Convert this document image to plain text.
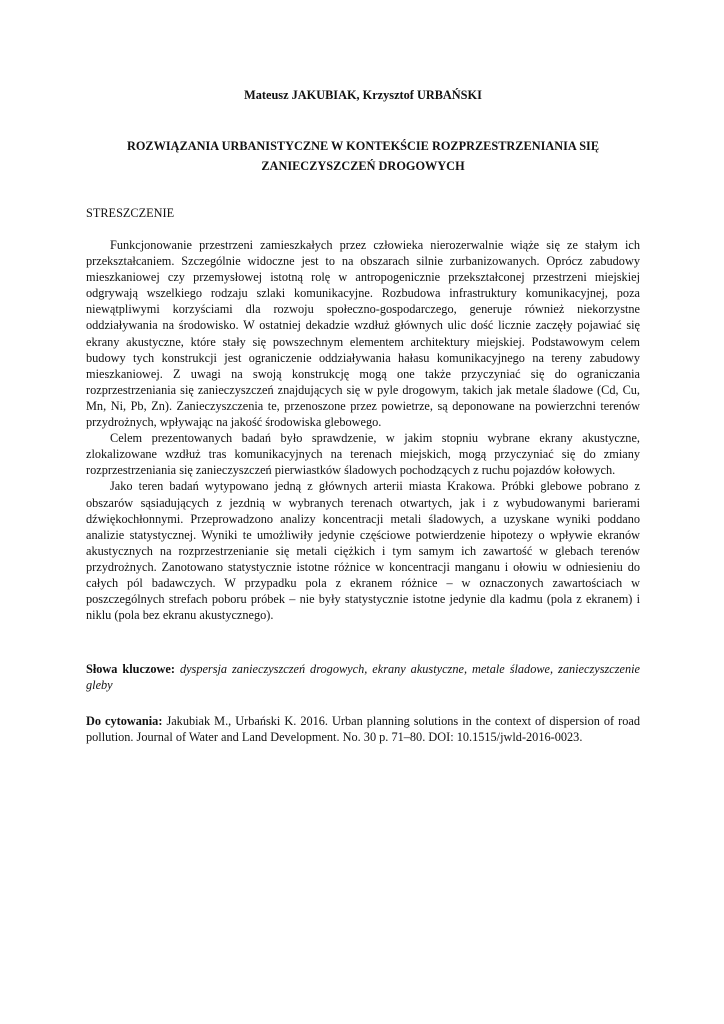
Mateusz JAKUBIAK, Krzysztof URBAŃSKI

ROZWIĄZANIA URBANISTYCZNE W KONTEKŚCIE ROZPRZESTRZENIANIA SIĘ
ZANIECZYSZCZEŃ DROGOWYCH
STRESZCZENIE

Funkcjonowanie przestrzeni zamieszkałych przez człowieka nierozerwalnie wiąże się ze stałym ich przekształcaniem. Szczególnie widoczne jest to na obszarach silnie zurbanizowanych. Oprócz zabudowy mieszkaniowej czy przemysłowej istotną rolę w antropogenicznie przekształconej przestrzeni miejskiej odgrywają wszelkiego rodzaju szlaki komunikacyjne. Rozbudowa infrastruktury komunikacyjnej, poza niewątpliwymi korzyściami dla rozwoju społeczno-gospodarczego, generuje również niekorzystne oddziaływania na środowisko. W ostatniej dekadzie wzdłuż głównych ulic dość licznie zaczęły pojawiać się ekrany akustyczne, które stały się powszechnym elementem architektury miejskiej. Podstawowym celem budowy tych konstrukcji jest ograniczenie oddziaływania hałasu komunikacyjnego na tereny zabudowy mieszkaniowej. Z uwagi na swoją konstrukcję mogą one także przyczyniać się do ograniczania rozprzestrzeniania się zanieczyszczeń znajdujących się w pyle drogowym, takich jak metale śladowe (Cd, Cu, Mn, Ni, Pb, Zn). Zanieczyszczenia te, przenoszone przez powietrze, są deponowane na powierzchni terenów przydrożnych, wpływając na jakość środowiska glebowego.

Celem prezentowanych badań było sprawdzenie, w jakim stopniu wybrane ekrany akustyczne, zlokalizowane wzdłuż tras komunikacyjnych na terenach miejskich, mogą przyczyniać się do zmiany rozprzestrzeniania się zanieczyszczeń pierwiastków śladowych pochodzących z ruchu pojazdów kołowych.

Jako teren badań wytypowano jedną z głównych arterii miasta Krakowa. Próbki glebowe pobrano z obszarów sąsiadujących z jezdnią w wybranych terenach otwartych, jak i z wybudowanymi barierami dźwiękochłonnymi. Przeprowadzono analizy koncentracji metali śladowych, a uzyskane wyniki poddano analizie statystycznej. Wyniki te umożliwiły jedynie częściowe potwierdzenie hipotezy o wpływie ekranów akustycznych na rozprzestrzenianie się metali ciężkich i tym samym ich zawartość w glebach terenów przydrożnych. Zanotowano statystycznie istotne różnice w koncentracji manganu i ołowiu w odniesieniu do całych pól badawczych. W przypadku pola z ekranem różnice – w oznaczonych zawartościach w poszczególnych strefach poboru próbek – nie były statystycznie istotne jedynie dla kadmu (pola z ekranem) i niklu (pola bez ekranu akustycznego).

Słowa kluczowe: dyspersja zanieczyszczeń drogowych, ekrany akustyczne, metale śladowe, zanieczyszczenie gleby

Do cytowania: Jakubiak M., Urbański K. 2016. Urban planning solutions in the context of dispersion of road pollution. Journal of Water and Land Development. No. 30 p. 71–80. DOI: 10.1515/jwld-2016-0023.
